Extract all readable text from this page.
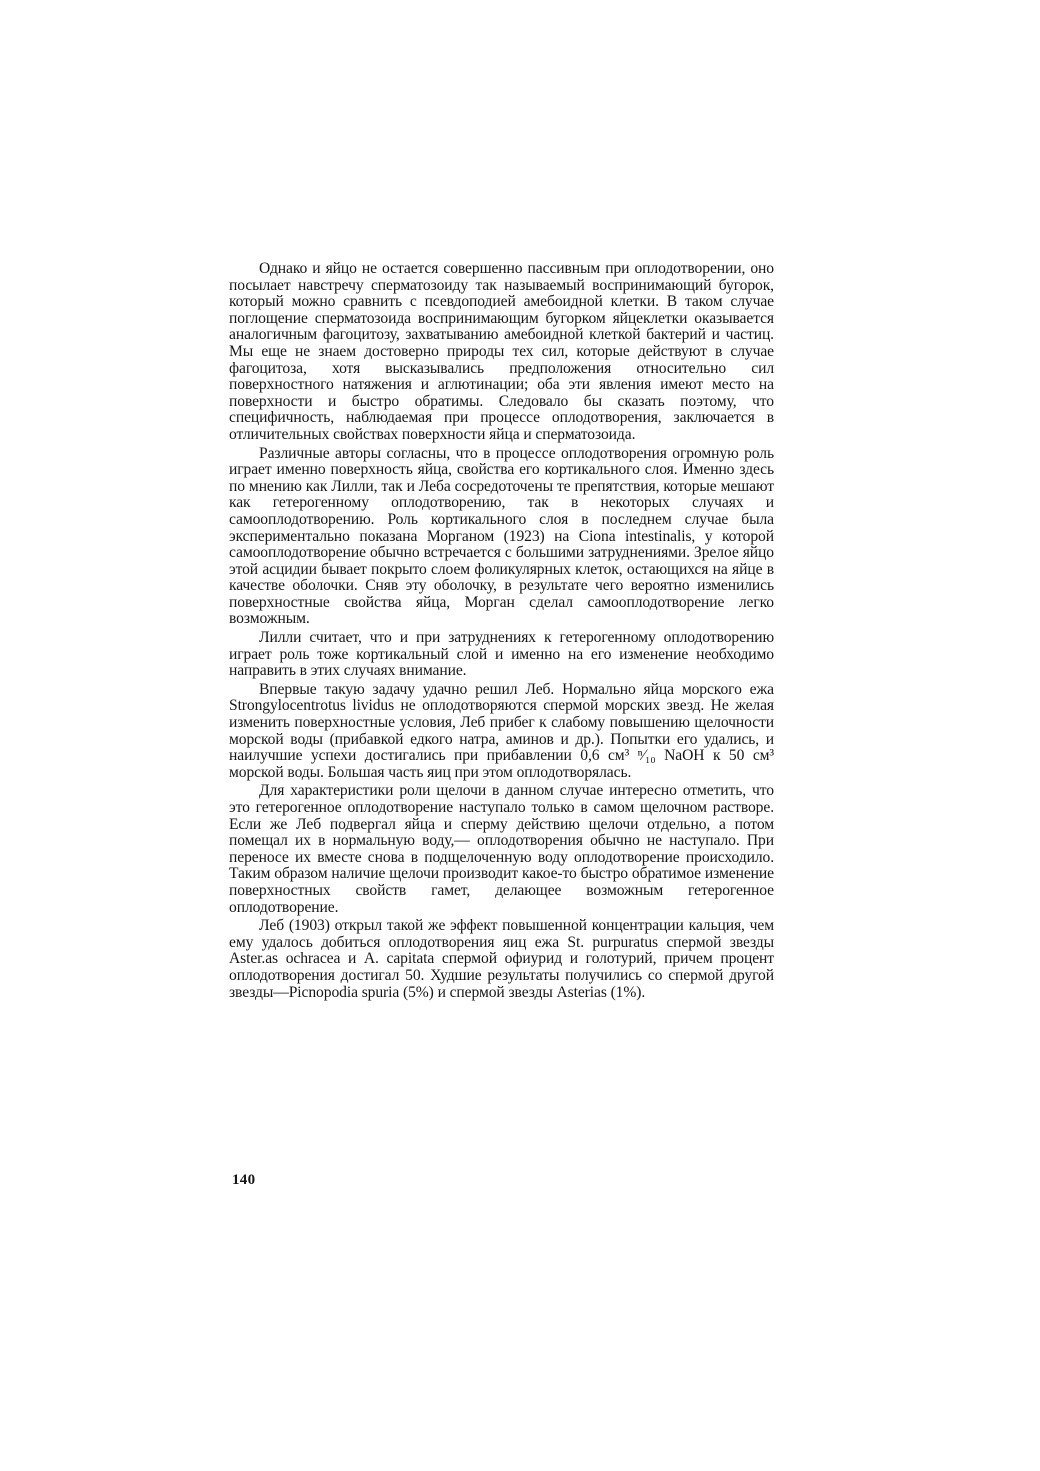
Однако и яйцо не остается совершенно пассивным при оплодотворении, оно посылает навстречу сперматозоиду так называемый воспринимающий бугорок, который можно сравнить с псевдоподией амебоидной клетки. В таком случае поглощение сперматозоида воспринимающим бугорком яйцеклетки оказывается аналогичным фагоцитозу, захватыванию амебоидной клеткой бактерий и частиц. Мы еще не знаем достоверно природы тех сил, которые действуют в случае фагоцитоза, хотя высказывались предположения относительно сил поверхностного натяжения и аглютинации; оба эти явления имеют место на поверхности и быстро обратимы. Следовало бы сказать поэтому, что специфичность, наблюдаемая при процессе оплодотворения, заключается в отличительных свойствах поверхности яйца и сперматозоида.

Различные авторы согласны, что в процессе оплодотворения огромную роль играет именно поверхность яйца, свойства его кортикального слоя. Именно здесь по мнению как Лилли, так и Леба сосредоточены те препятствия, которые мешают как гетерогенному оплодотворению, так в некоторых случаях и самооплодотворению. Роль кортикального слоя в последнем случае была экспериментально показана Морганом (1923) на Ciona intestinalis, у которой самооплодотворение обычно встречается с большими затруднениями. Зрелое яйцо этой асцидии бывает покрыто слоем фоликулярных клеток, остающихся на яйце в качестве оболочки. Сняв эту оболочку, в результате чего вероятно изменились поверхностные свойства яйца, Морган сделал самооплодотворение легко возможным.

Лилли считает, что и при затруднениях к гетерогенному оплодотворению играет роль тоже кортикальный слой и именно на его изменение необходимо направить в этих случаях внимание.

Впервые такую задачу удачно решил Леб. Нормально яйца морского ежа Strongylocentrotus lividus не оплодотворяются спермой морских звезд. Не желая изменить поверхностные условия, Леб прибег к слабому повышению щелочности морской воды (прибавкой едкого натра, аминов и др.). Попытки его удались, и наилучшие успехи достигались при прибавлении 0,6 см³ ⁿ⁄₁₀ NaOH к 50 см³ морской воды. Большая часть яиц при этом оплодотворялась.

Для характеристики роли щелочи в данном случае интересно отметить, что это гетерогенное оплодотворение наступало только в самом щелочном растворе. Если же Леб подвергал яйца и сперму действию щелочи отдельно, а потом помещал их в нормальную воду,— оплодотворения обычно не наступало. При переносе их вместе снова в подщелоченную воду оплодотворение происходило. Таким образом наличие щелочи производит какое-то быстро обратимое изменение поверхностных свойств гамет, делающее возможным гетерогенное оплодотворение.

Леб (1903) открыл такой же эффект повышенной концентрации кальция, чем ему удалось добиться оплодотворения яиц ежа St. purpuratus спермой звезды Aster.as ochracea и A. capitata спермой офиурид и голотурий, причем процент оплодотворения достигал 50. Худшие результаты получились со спермой другой звезды—Picnopodia spuria (5%) и спермой звезды Asterias (1%).

140
